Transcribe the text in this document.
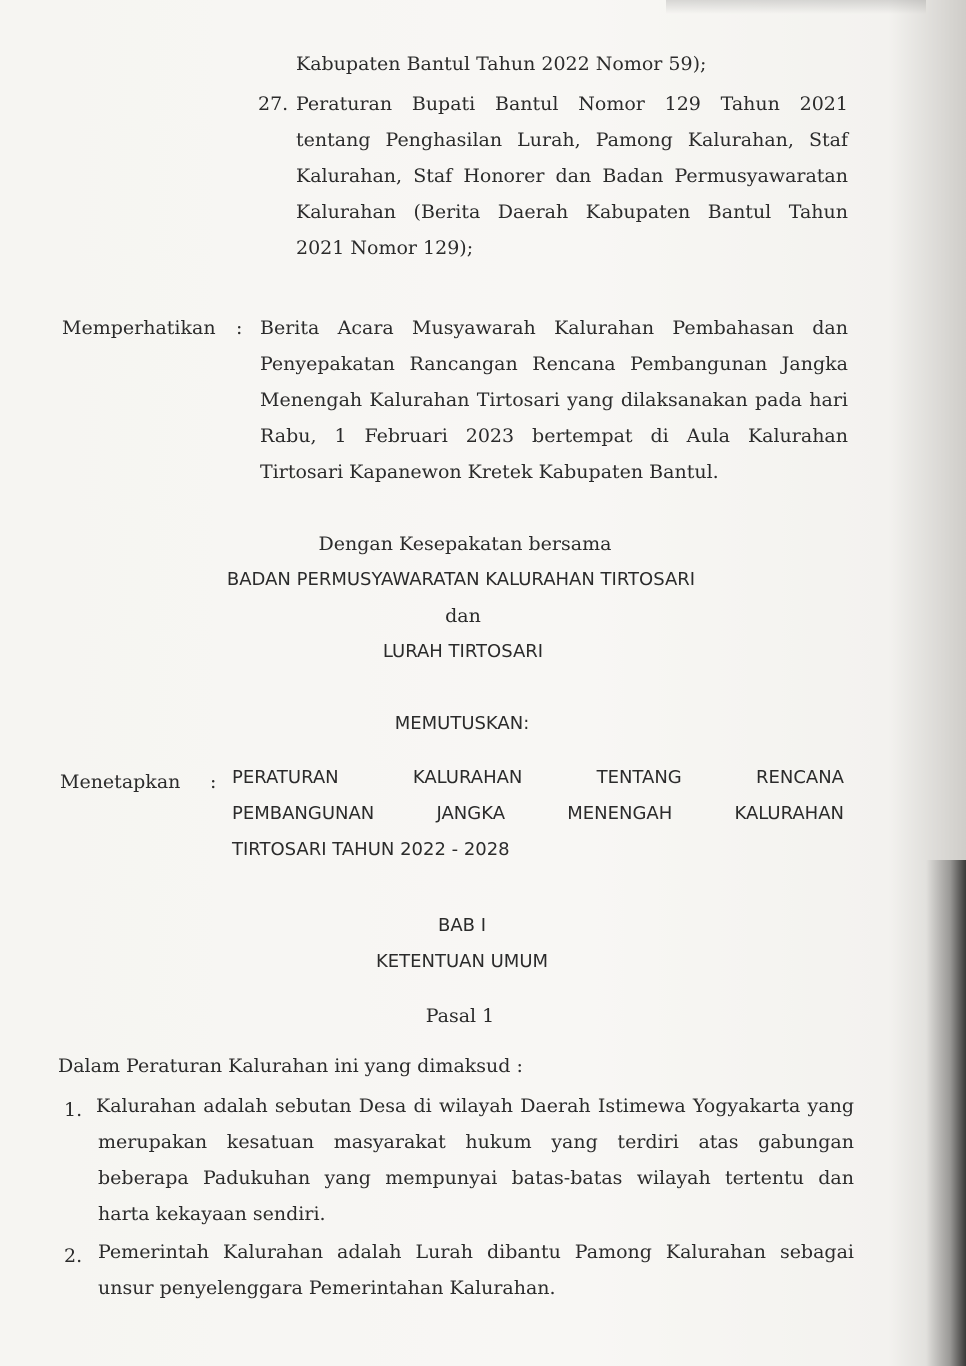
Kabupaten Bantul Tahun 2022 Nomor 59);
27. Peraturan Bupati Bantul Nomor 129 Tahun 2021
tentang Penghasilan Lurah, Pamong Kalurahan, Staf
Kalurahan, Staf Honorer dan Badan Permusyawaratan
Kalurahan (Berita Daerah Kabupaten Bantul Tahun
2021 Nomor 129);
Memperhatikan : Berita Acara Musyawarah Kalurahan Pembahasan dan
Penyepakatan Rancangan Rencana Pembangunan Jangka
Menengah Kalurahan Tirtosari yang dilaksanakan pada hari
Rabu, 1 Februari 2023 bertempat di Aula Kalurahan
Tirtosari Kapanewon Kretek Kabupaten Bantul.
Dengan Kesepakatan bersama
BADAN PERMUSYAWARATAN KALURAHAN TIRTOSARI
dan
LURAH TIRTOSARI
MEMUTUSKAN:
Menetapkan : PERATURAN KALURAHAN TENTANG RENCANA
PEMBANGUNAN JANGKA MENENGAH KALURAHAN
TIRTOSARI TAHUN 2022 - 2028
BAB I
KETENTUAN UMUM
Pasal 1
Dalam Peraturan Kalurahan ini yang dimaksud :
1. Kalurahan adalah sebutan Desa di wilayah Daerah Istimewa Yogyakarta yang
merupakan kesatuan masyarakat hukum yang terdiri atas gabungan
beberapa Padukuhan yang mempunyai batas-batas wilayah tertentu dan
harta kekayaan sendiri.
2. Pemerintah Kalurahan adalah Lurah dibantu Pamong Kalurahan sebagai
unsur penyelenggara Pemerintahan Kalurahan.
